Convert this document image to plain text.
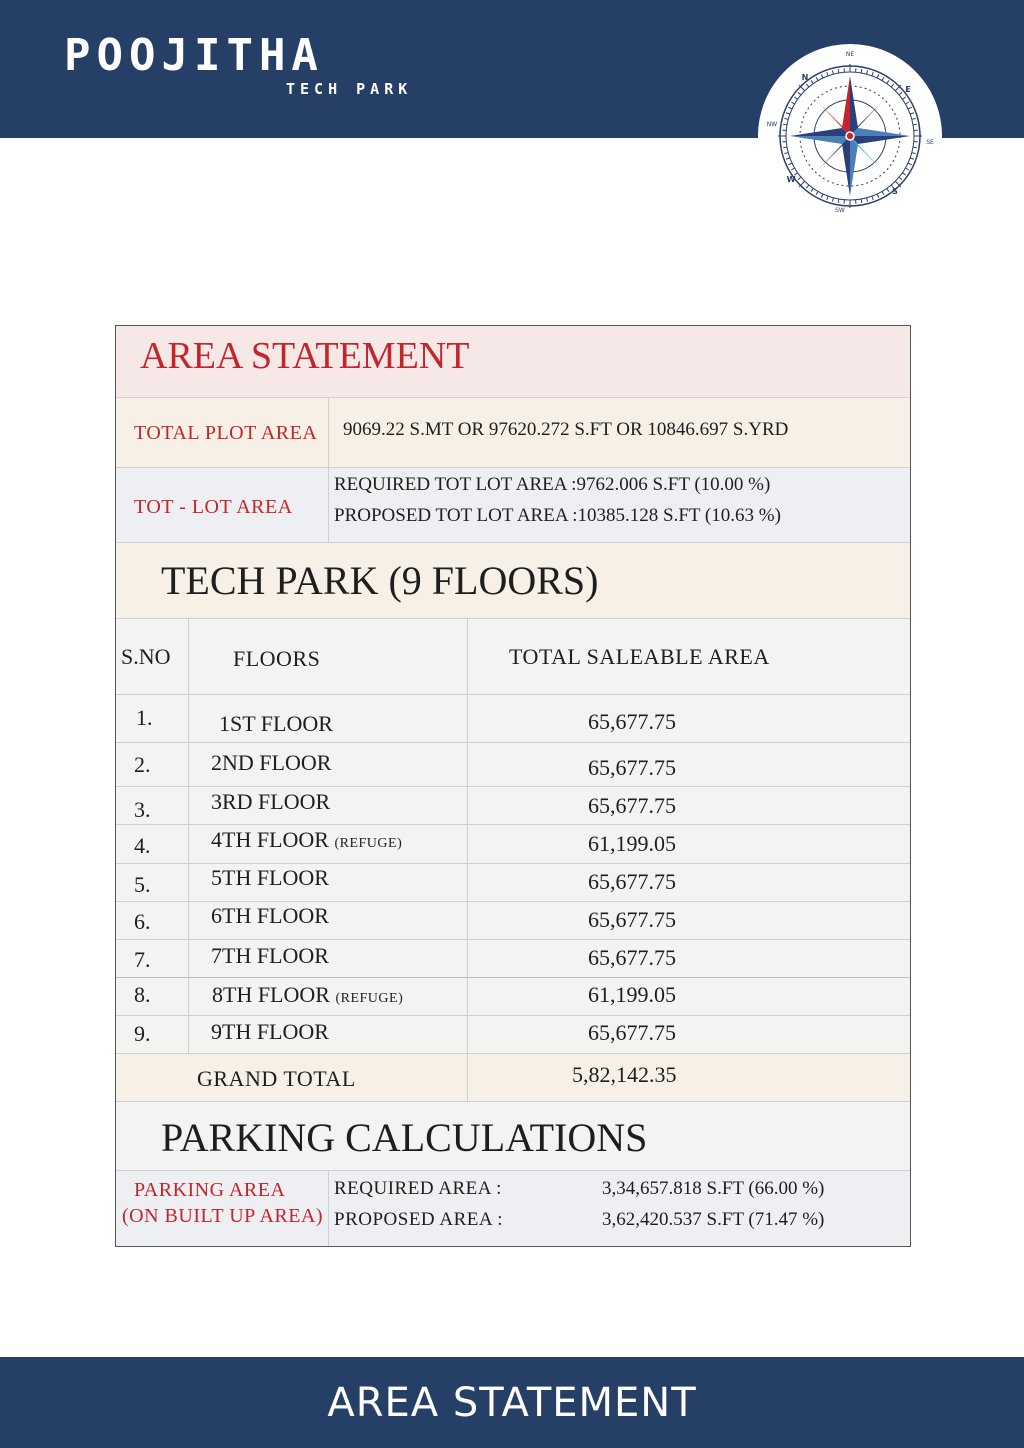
POOJITHA
TECH PARK
NE
N
E
SE
S
SW
W
NW
AREA STATEMENT
TOTAL PLOT AREA 9069.22 S.MT OR 97620.272 S.FT OR 10846.697 S.YRD
TOT - LOT AREA
REQUIRED TOT LOT AREA :9762.006 S.FT (10.00 %)
PROPOSED TOT LOT AREA :10385.128 S.FT (10.63 %)
TECH PARK (9 FLOORS)
S.NO	FLOORS	TOTAL SALEABLE AREA
1.	1ST FLOOR	65,677.75
2.	2ND FLOOR	65,677.75
3.	3RD FLOOR	65,677.75
4.	4TH FLOOR (REFUGE)	61,199.05
5.	5TH FLOOR	65,677.75
6.	6TH FLOOR	65,677.75
7.	7TH FLOOR	65,677.75
8.	8TH FLOOR (REFUGE)	61,199.05
9.	9TH FLOOR	65,677.75
GRAND TOTAL	5,82,142.35
PARKING CALCULATIONS
PARKING AREA
(ON BUILT UP AREA)
REQUIRED AREA :	3,34,657.818 S.FT (66.00 %)
PROPOSED AREA :	3,62,420.537 S.FT (71.47 %)
AREA STATEMENT
